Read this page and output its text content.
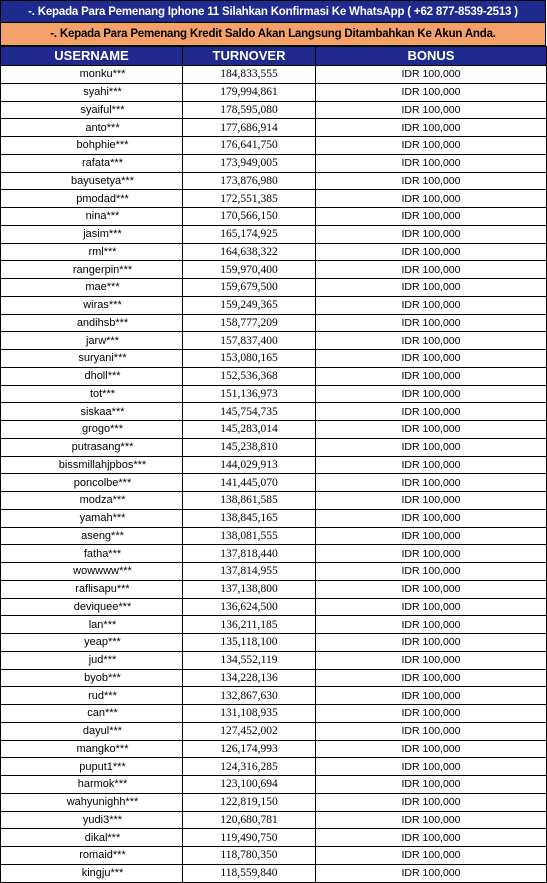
-. Kepada Para Pemenang Iphone 11 Silahkan Konfirmasi Ke WhatsApp ( +62 877-8539-2513 )
-. Kepada Para Pemenang Kredit Saldo Akan Langsung Ditambahkan Ke Akun Anda.
USERNAME	TURNOVER	BONUS
monku***	184,833,555	IDR 100,000
syahi***	179,994,861	IDR 100,000
syaiful***	178,595,080	IDR 100,000
anto***	177,686,914	IDR 100,000
bohphie***	176,641,750	IDR 100,000
rafata***	173,949,005	IDR 100,000
bayusetya***	173,876,980	IDR 100,000
pmodad***	172,551,385	IDR 100,000
nina***	170,566,150	IDR 100,000
jasim***	165,174,925	IDR 100,000
rml***	164,638,322	IDR 100,000
rangerpin***	159,970,400	IDR 100,000
mae***	159,679,500	IDR 100,000
wiras***	159,249,365	IDR 100,000
andihsb***	158,777,209	IDR 100,000
jarw***	157,837,400	IDR 100,000
suryani***	153,080,165	IDR 100,000
dholl***	152,536,368	IDR 100,000
tot***	151,136,973	IDR 100,000
siskaa***	145,754,735	IDR 100,000
grogo***	145,283,014	IDR 100,000
putrasang***	145,238,810	IDR 100,000
bissmillahjpbos***	144,029,913	IDR 100,000
poncolbe***	141,445,070	IDR 100,000
modza***	138,861,585	IDR 100,000
yamah***	138,845,165	IDR 100,000
aseng***	138,081,555	IDR 100,000
fatha***	137,818,440	IDR 100,000
wowwww***	137,814,955	IDR 100,000
raflisapu***	137,138,800	IDR 100,000
deviquee***	136,624,500	IDR 100,000
lan***	136,211,185	IDR 100,000
yeap***	135,118,100	IDR 100,000
jud***	134,552,119	IDR 100,000
byob***	134,228,136	IDR 100,000
rud***	132,867,630	IDR 100,000
can***	131,108,935	IDR 100,000
dayul***	127,452,002	IDR 100,000
mangko***	126,174,993	IDR 100,000
puput1***	124,316,285	IDR 100,000
harmok***	123,100,694	IDR 100,000
wahyunighh***	122,819,150	IDR 100,000
yudi3***	120,680,781	IDR 100,000
dikal***	119,490,750	IDR 100,000
romaid***	118,780,350	IDR 100,000
kingju***	118,559,840	IDR 100,000
